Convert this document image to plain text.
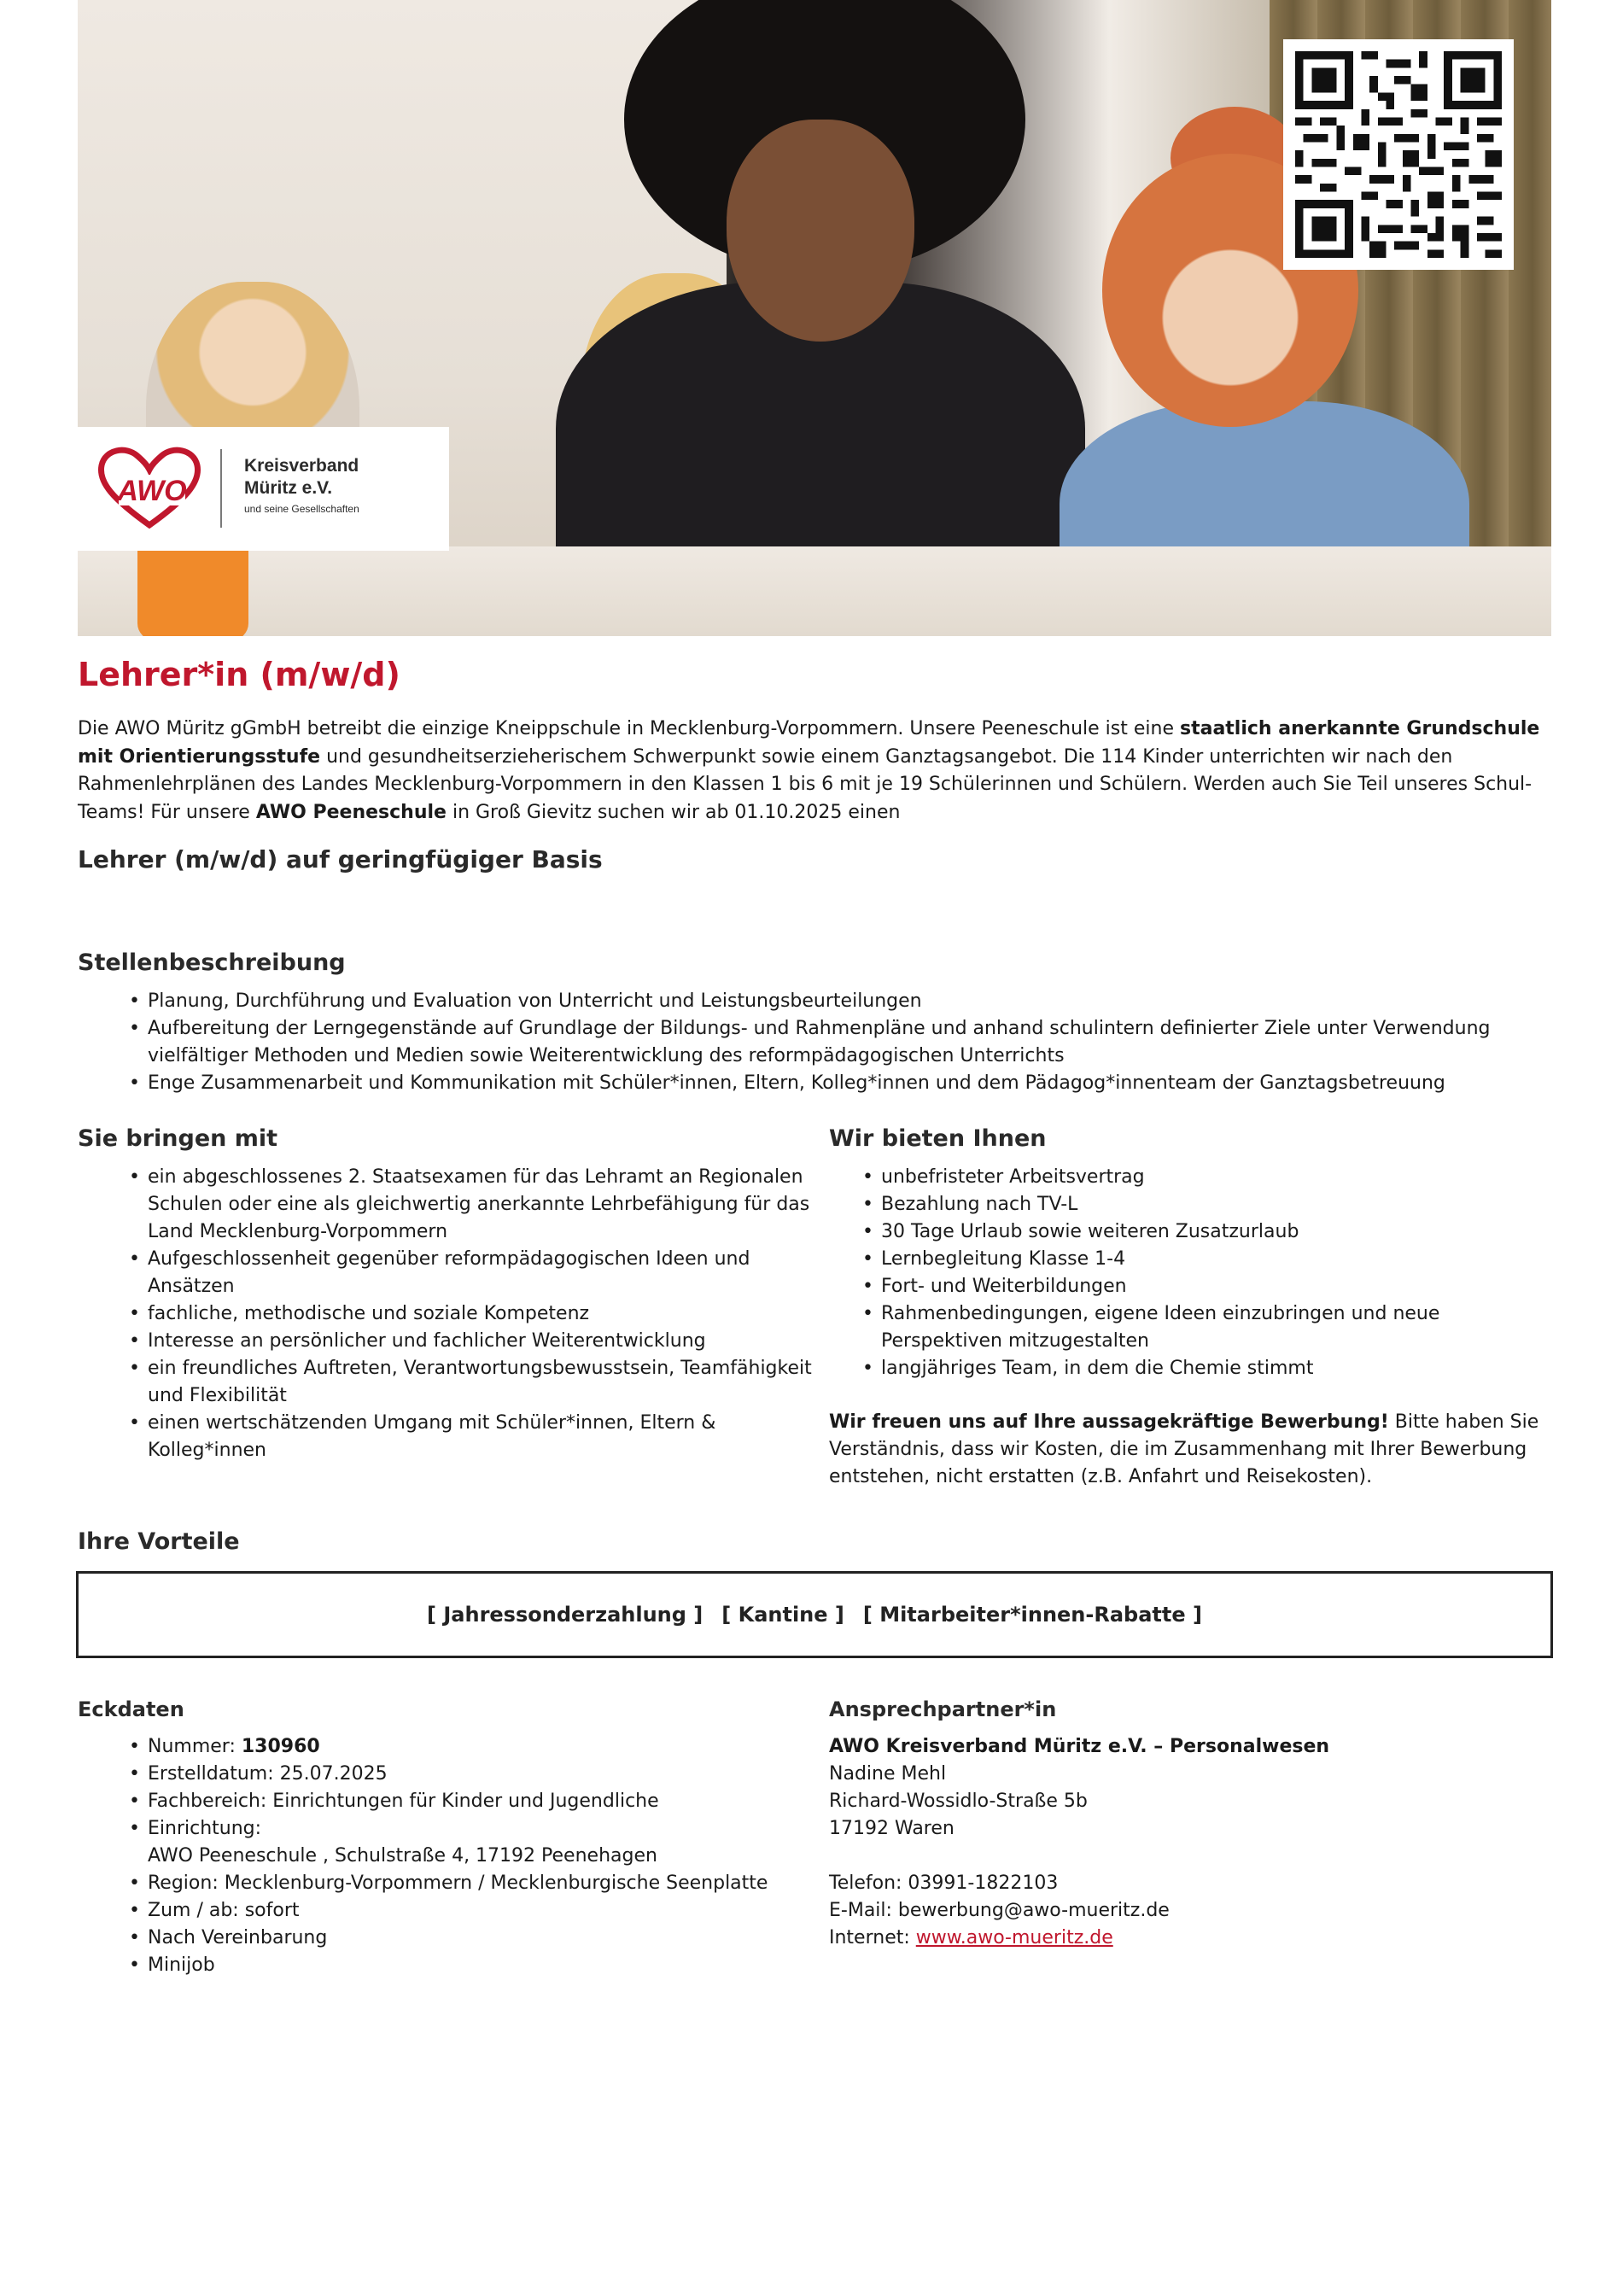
AWO
Kreisverband
Müritz e.V.
und seine Gesellschaften
Lehrer*in (m/w/d)

Die AWO Müritz gGmbH betreibt die einzige Kneippschule in Mecklenburg-Vorpommern. Unsere Peeneschule ist eine staatlich anerkannte Grundschule mit Orientierungsstufe und gesundheitserzieherischem Schwerpunkt sowie einem Ganztagsangebot. Die 114 Kinder unterrichten wir nach den Rahmenlehrplänen des Landes Mecklenburg-Vorpommern in den Klassen 1 bis 6 mit je 19 Schülerinnen und Schülern. Werden auch Sie Teil unseres Schul-Teams! Für unsere AWO Peeneschule in Groß Gievitz suchen wir ab 01.10.2025 einen

Lehrer (m/w/d) auf geringfügiger Basis
Stellenbeschreibung
• Planung, Durchführung und Evaluation von Unterricht und Leistungsbeurteilungen
• Aufbereitung der Lerngegenstände auf Grundlage der Bildungs- und Rahmenpläne und anhand schulintern definierter Ziele unter Verwendung vielfältiger Methoden und Medien sowie Weiterentwicklung des reformpädagogischen Unterrichts
• Enge Zusammenarbeit und Kommunikation mit Schüler*innen, Eltern, Kolleg*innen und dem Pädagog*innenteam der Ganztagsbetreuung
Sie bringen mit
• ein abgeschlossenes 2. Staatsexamen für das Lehramt an Regionalen Schulen oder eine als gleichwertig anerkannte Lehrbefähigung für das Land Mecklenburg-Vorpommern
• Aufgeschlossenheit gegenüber reformpädagogischen Ideen und Ansätzen
• fachliche, methodische und soziale Kompetenz
• Interesse an persönlicher und fachlicher Weiterentwicklung
• ein freundliches Auftreten, Verantwortungsbewusstsein, Teamfähigkeit und Flexibilität
• einen wertschätzenden Umgang mit Schüler*innen, Eltern & Kolleg*innen
Wir bieten Ihnen
• unbefristeter Arbeitsvertrag
• Bezahlung nach TV-L
• 30 Tage Urlaub sowie weiteren Zusatzurlaub
• Lernbegleitung Klasse 1-4
• Fort- und Weiterbildungen
• Rahmenbedingungen, eigene Ideen einzubringen und neue Perspektiven mitzugestalten
• langjähriges Team, in dem die Chemie stimmt

Wir freuen uns auf Ihre aussagekräftige Bewerbung! Bitte haben Sie Verständnis, dass wir Kosten, die im Zusammenhang mit Ihrer Bewerbung entstehen, nicht erstatten (z.B. Anfahrt und Reisekosten).

Ihre Vorteile
[ Jahressonderzahlung ] [ Kantine ] [ Mitarbeiter*innen-Rabatte ]
Eckdaten
• Nummer: 130960
• Erstelldatum: 25.07.2025
• Fachbereich: Einrichtungen für Kinder und Jugendliche
• Einrichtung:
AWO Peeneschule , Schulstraße 4, 17192 Peenehagen
• Region: Mecklenburg-Vorpommern / Mecklenburgische Seenplatte
• Zum / ab: sofort
• Nach Vereinbarung
• Minijob
Ansprechpartner*in
AWO Kreisverband Müritz e.V. – Personalwesen
Nadine Mehl
Richard-Wossidlo-Straße 5b
17192 Waren
Telefon: 03991-1822103
E-Mail: bewerbung@awo-mueritz.de
Internet: www.awo-mueritz.de
